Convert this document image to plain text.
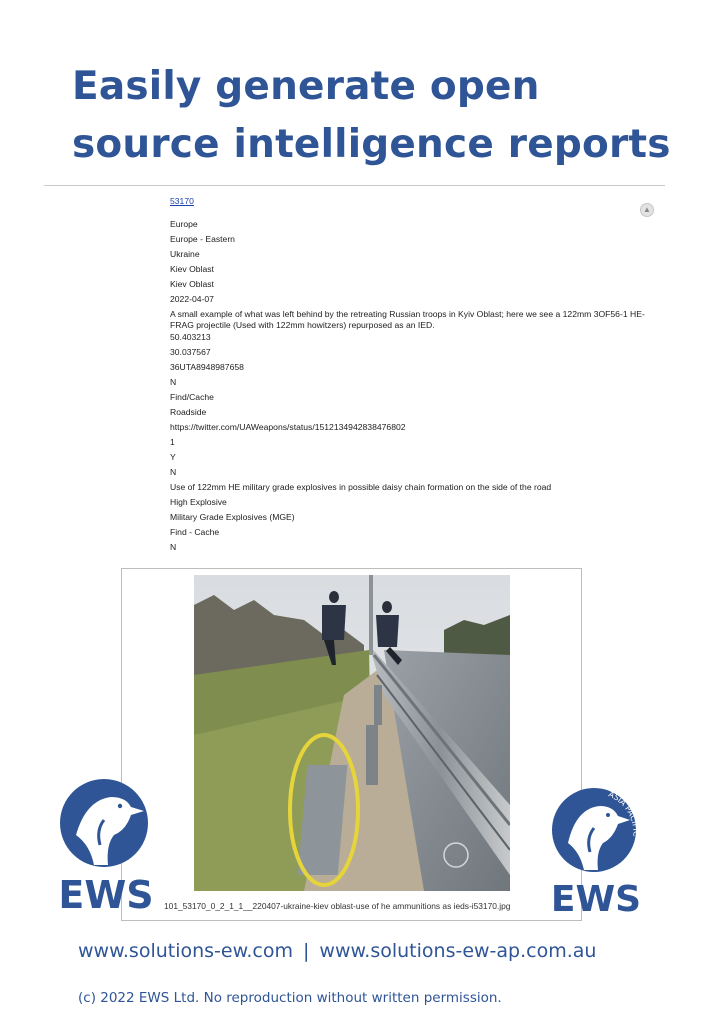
Easily generate open source intelligence reports
53170
Europe
Europe - Eastern
Ukraine
Kiev Oblast
Kiev Oblast
2022-04-07
A small example of what was left behind by the retreating Russian troops in Kyiv Oblast; here we see a 122mm 3OF56-1 HE-FRAG projectile (Used with 122mm howitzers) repurposed as an IED.
50.403213
30.037567
36UTA8948987658
N
Find/Cache
Roadside
https://twitter.com/UAWeapons/status/1512134942838476802
1
Y
N
Use of 122mm HE military grade explosives in possible daisy chain formation on the side of the road
High Explosive
Military Grade Explosives (MGE)
Find - Cache
N
▲
101_53170_0_2_1_1__220407-ukraine-kiev oblast-use of he ammunitions as ieds-i53170.jpg
EWS
ASIA PACIFIC
EWS
www.solutions-ew.com | www.solutions-ew-ap.com.au
(c) 2022 EWS Ltd. No reproduction without written permission.
